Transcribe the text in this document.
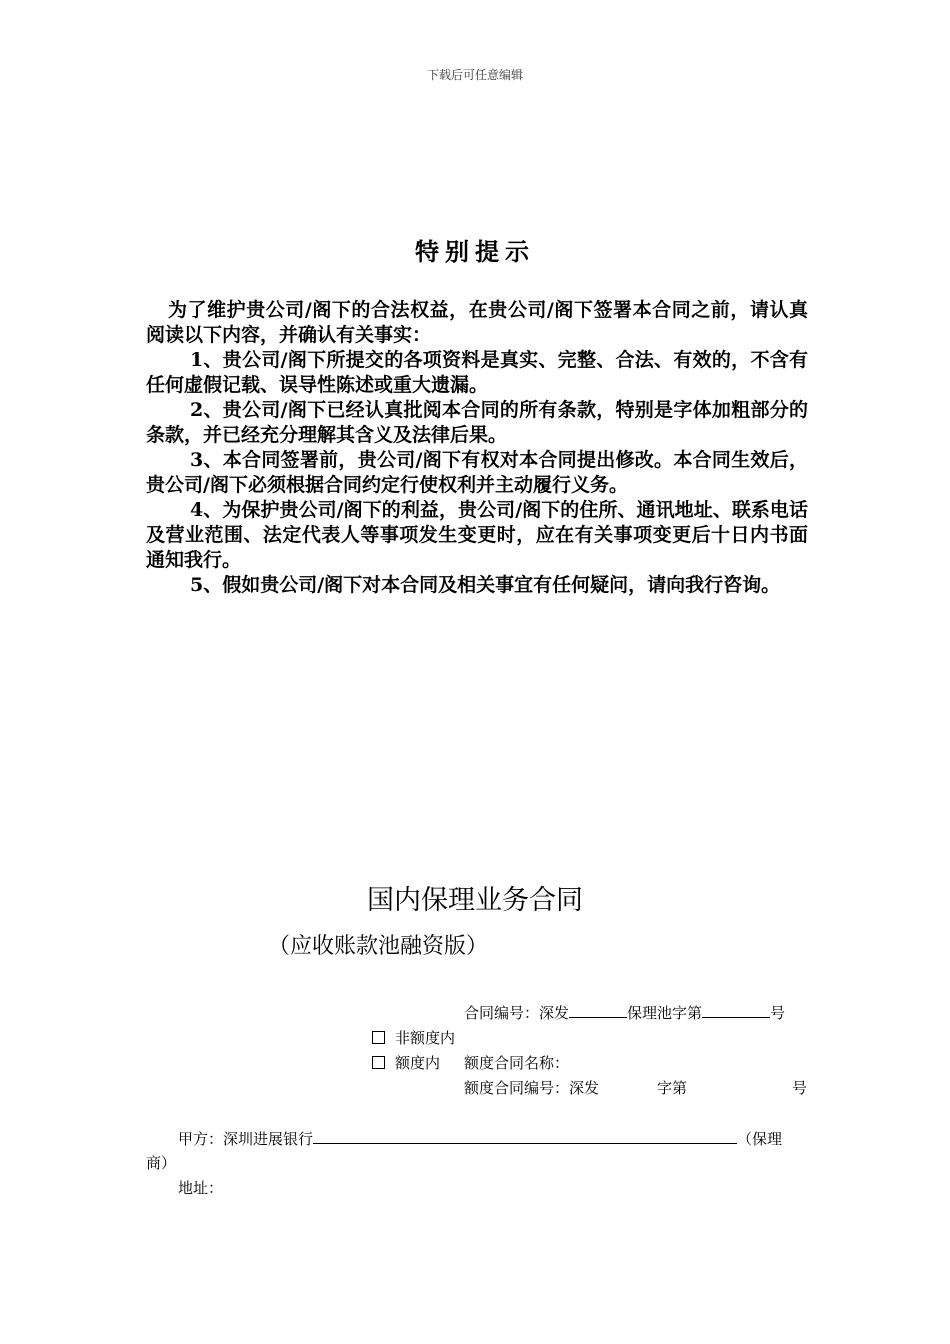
下载后可任意编辑
特别提示

为了维护贵公司/阁下的合法权益，在贵公司/阁下签署本合同之前，请认真阅读以下内容，并确认有关事实：

1、贵公司/阁下所提交的各项资料是真实、完整、合法、有效的，不含有任何虚假记载、误导性陈述或重大遗漏。

2、贵公司/阁下已经认真批阅本合同的所有条款，特别是字体加粗部分的条款，并已经充分理解其含义及法律后果。

3、本合同签署前，贵公司/阁下有权对本合同提出修改。本合同生效后，贵公司/阁下必须根据合同约定行使权利并主动履行义务。

4、为保护贵公司/阁下的利益，贵公司/阁下的住所、通讯地址、联系电话及营业范围、法定代表人等事项发生变更时，应在有关事项变更后十日内书面通知我行。

5、假如贵公司/阁下对本合同及相关事宜有任何疑问，请向我行咨询。

国内保理业务合同
（应收账款池融资版）
合同编号：深发	保理池字第	号
非额度内
额度内 额度合同名称：
额度合同编号：深发	字第	号
甲方：深圳进展银行	（保理
商）
地址：
